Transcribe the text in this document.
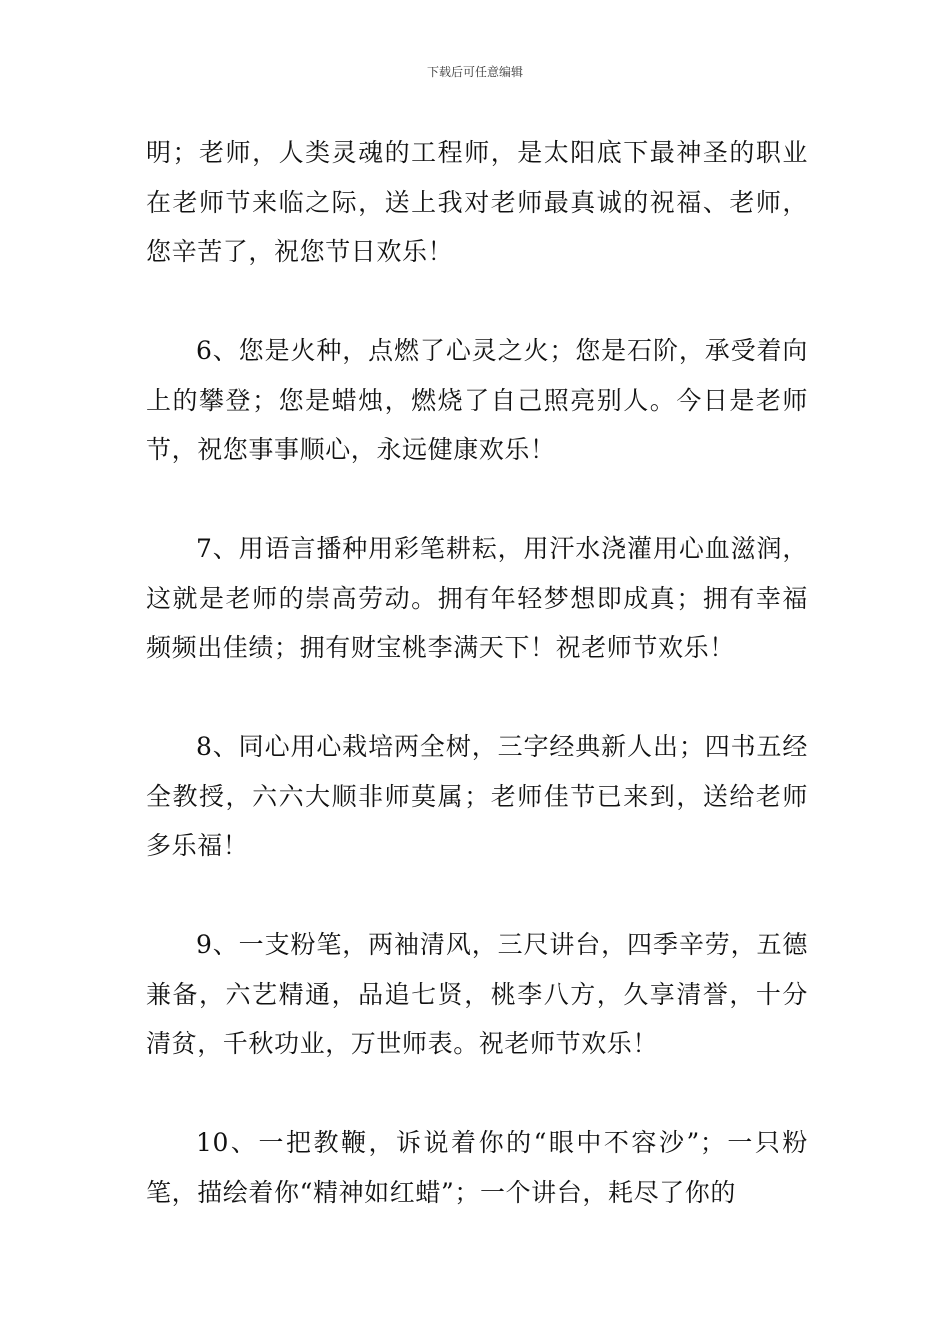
下载后可任意编辑

明；老师，人类灵魂的工程师，是太阳底下最神圣的职业在老师节来临之际，送上我对老师最真诚的祝福、老师，您辛苦了，祝您节日欢乐！

6、您是火种，点燃了心灵之火；您是石阶，承受着向上的攀登；您是蜡烛，燃烧了自己照亮别人。今日是老师节，祝您事事顺心，永远健康欢乐！

7、用语言播种用彩笔耕耘，用汗水浇灌用心血滋润，这就是老师的崇高劳动。拥有年轻梦想即成真；拥有幸福频频出佳绩；拥有财宝桃李满天下！祝老师节欢乐！

8、同心用心栽培两全树，三字经典新人出；四书五经全教授，六六大顺非师莫属；老师佳节已来到，送给老师多乐福！

9、一支粉笔，两袖清风，三尺讲台，四季辛劳，五德兼备，六艺精通，品追七贤，桃李八方，久享清誉，十分清贫，千秋功业，万世师表。祝老师节欢乐！

10、一把教鞭，诉说着你的“眼中不容沙”；一只粉笔，描绘着你“精神如红蜡”；一个讲台，耗尽了你的
